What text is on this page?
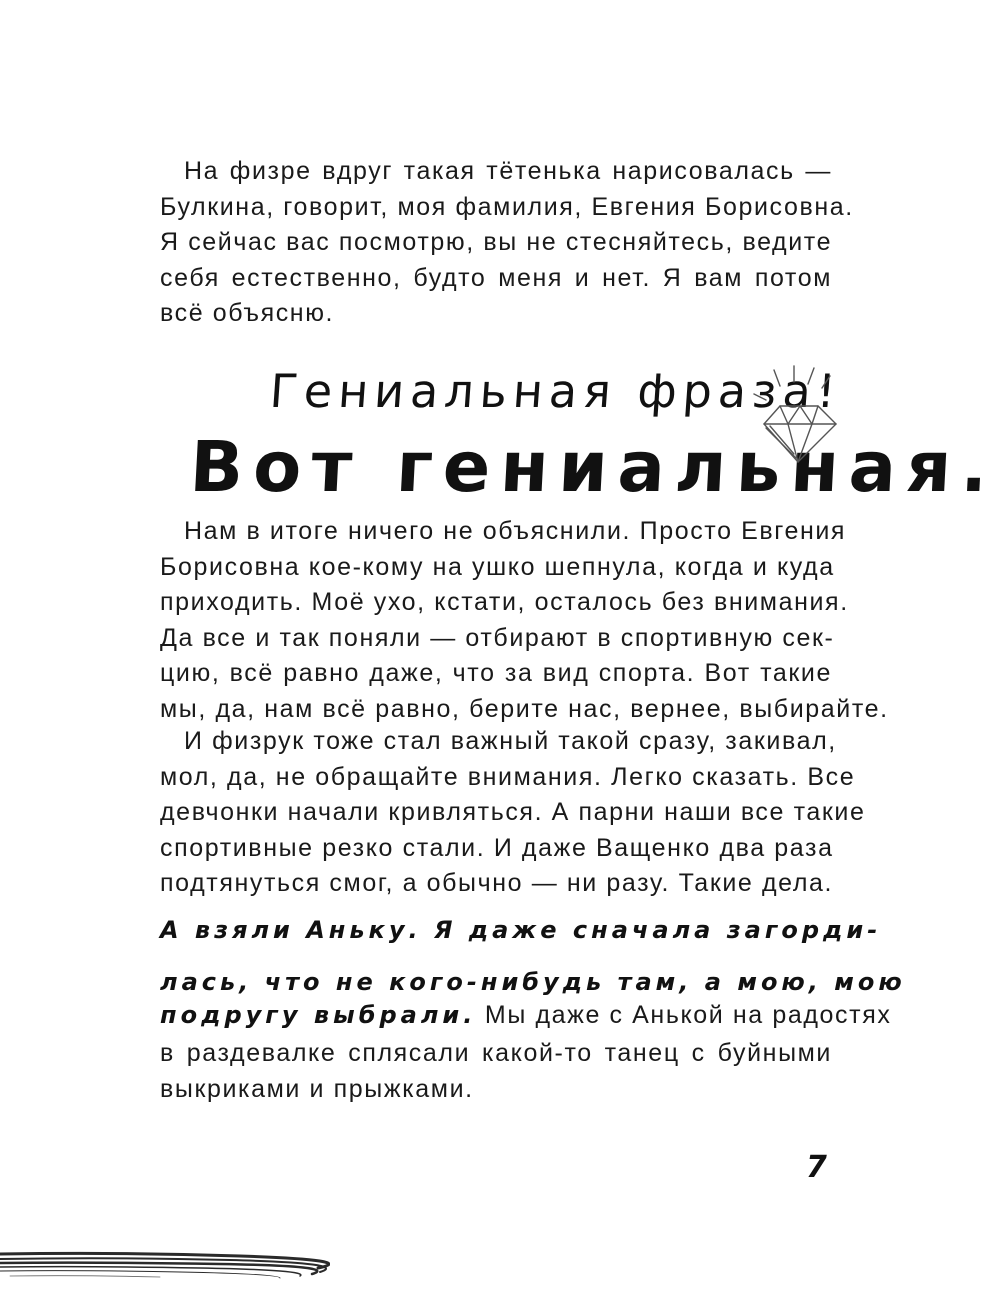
На физре вдруг такая тётенька нарисовалась —
Булкина, говорит, моя фамилия, Евгения Борисовна.
Я сейчас вас посмотрю, вы не стесняйтесь, ведите
себя естественно, будто меня и нет. Я вам потом
всё объясню.
Гениальная фраза!
Вот гениальная.
Нам в итоге ничего не объяснили. Просто Евгения
Борисовна кое-кому на ушко шепнула, когда и куда
приходить. Моё ухо, кстати, осталось без внимания.
Да все и так поняли — отбирают в спортивную сек-
цию, всё равно даже, что за вид спорта. Вот такие
мы, да, нам всё равно, берите нас, вернее, выбирайте.
И физрук тоже стал важный такой сразу, закивал,
мол, да, не обращайте внимания. Легко сказать. Все
девчонки начали кривляться. А парни наши все такие
спортивные резко стали. И даже Ващенко два раза
подтянуться смог, а обычно — ни разу. Такие дела.
А взяли Аньку. Я даже сначала загорди-
лась, что не кого-нибудь там, а мою, мою
подругу выбрали. Мы даже с Анькой на радостях
в раздевалке сплясали какой-то танец с буйными
выкриками и прыжками.
7
